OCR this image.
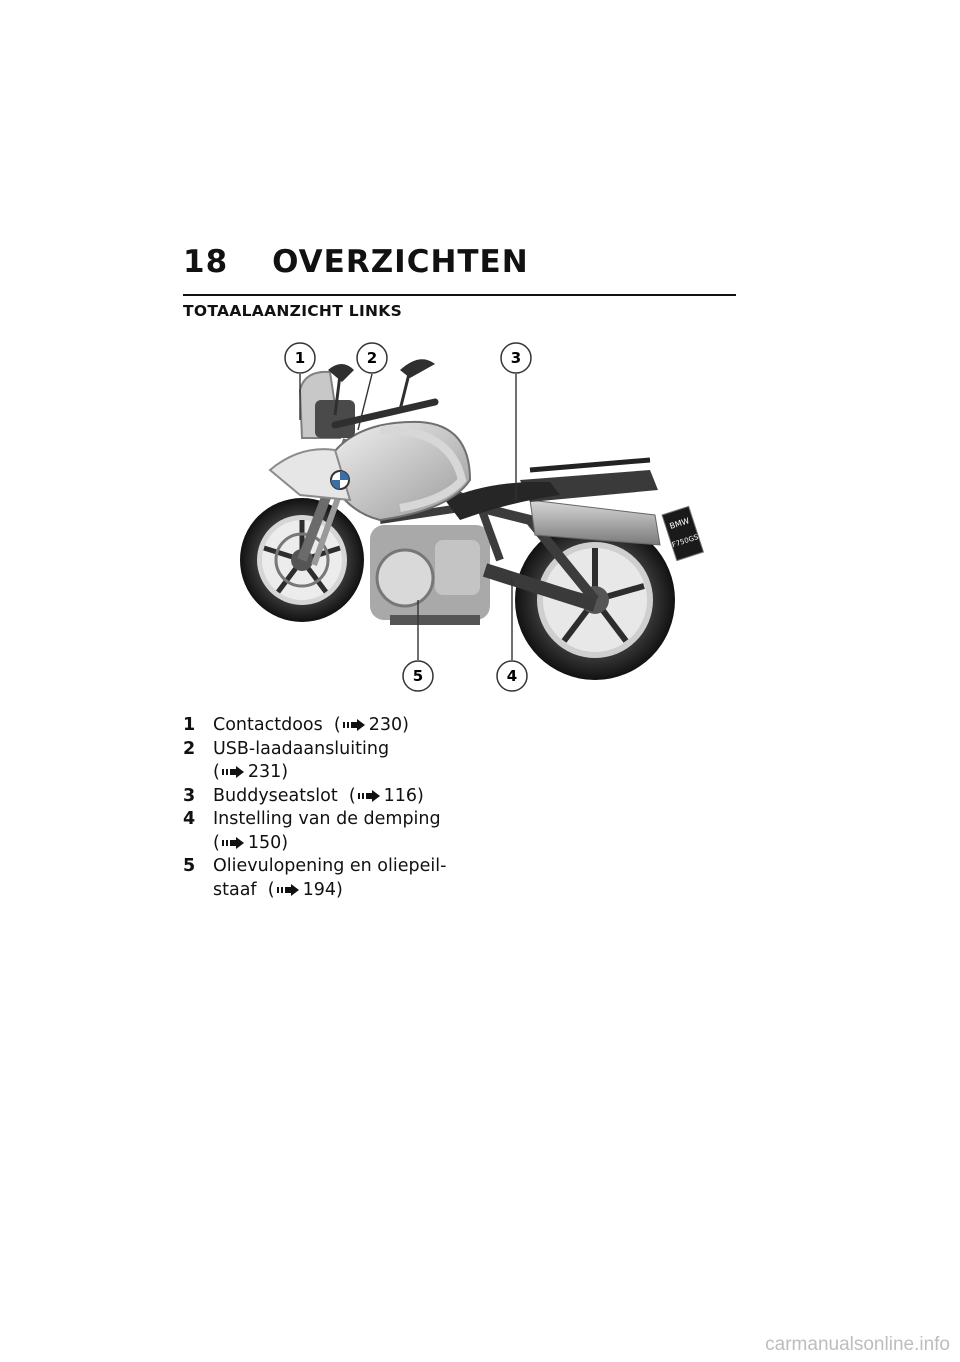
18 OVERZICHTEN
TOTAALAANZICHT LINKS
BMW
F750GS
1	2	3
4
5
1	Contactdoos  ( 230)
2	USB-laadaansluiting
( 231)
3	Buddyseatslot  ( 116)
4	Instelling van de demping
( 150)
5	Olievulopening en oliepeil-
staaf  ( 194)
carmanualsonline.info
